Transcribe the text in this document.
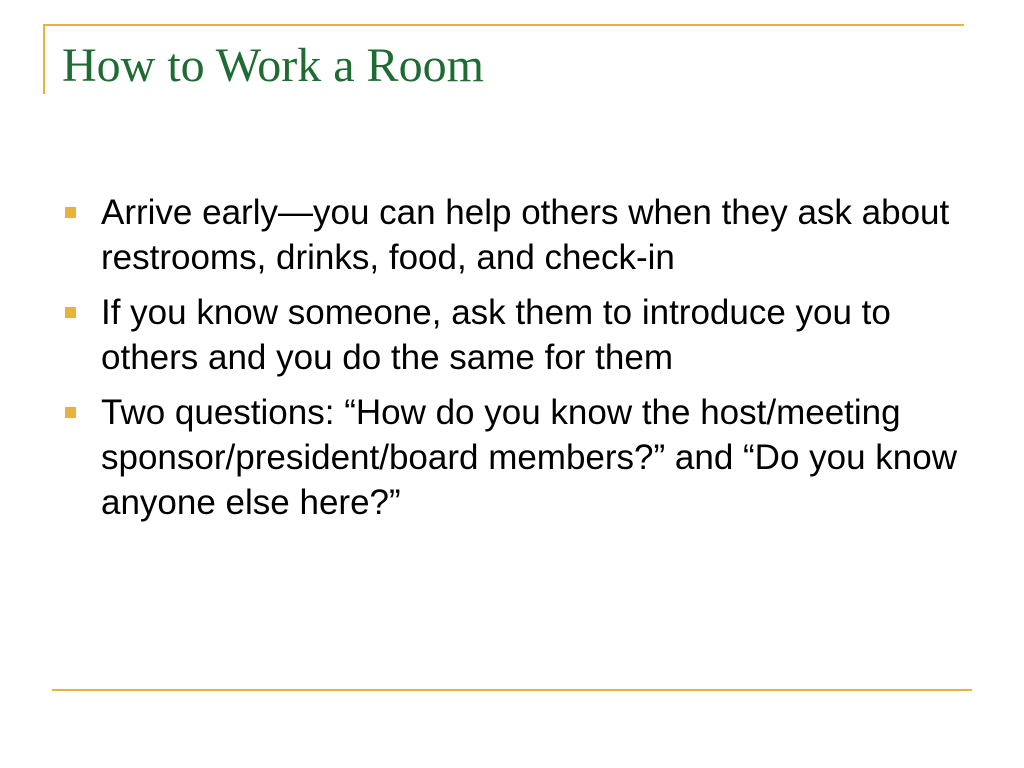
How to Work a Room
Arrive early—you can help others when they ask about restrooms, drinks, food, and check-in
If you know someone, ask them to introduce you to others and you do the same for them
Two questions: “How do you know the host/meeting sponsor/president/board members?” and “Do you know anyone else here?”
